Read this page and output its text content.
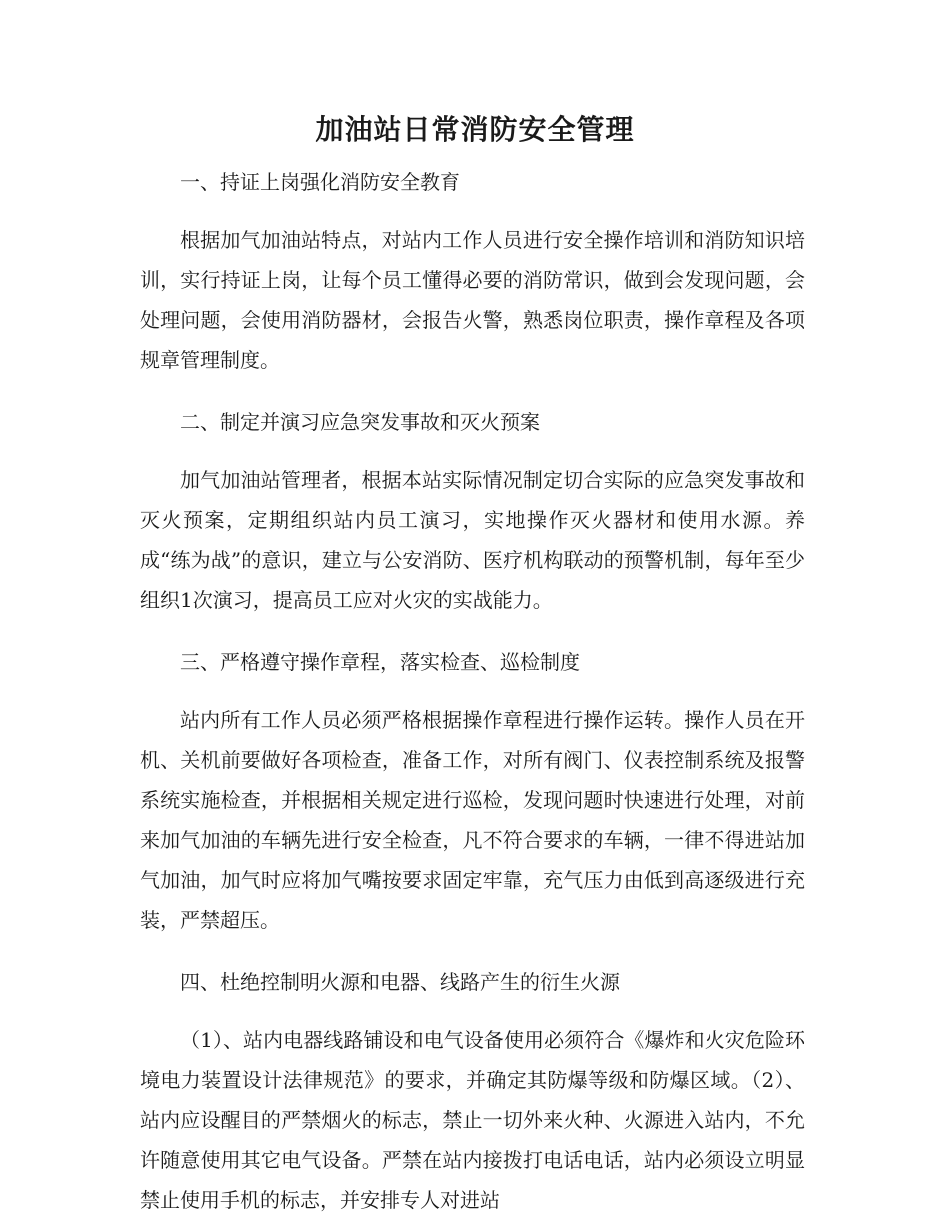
加油站日常消防安全管理
一、持证上岗强化消防安全教育

根据加气加油站特点，对站内工作人员进行安全操作培训和消防知识培训，实行持证上岗，让每个员工懂得必要的消防常识，做到会发现问题，会处理问题，会使用消防器材，会报告火警，熟悉岗位职责，操作章程及各项规章管理制度。

二、制定并演习应急突发事故和灭火预案

加气加油站管理者，根据本站实际情况制定切合实际的应急突发事故和灭火预案，定期组织站内员工演习，实地操作灭火器材和使用水源。养成“练为战”的意识，建立与公安消防、医疗机构联动的预警机制，每年至少组织1次演习，提高员工应对火灾的实战能力。

三、严格遵守操作章程，落实检查、巡检制度

站内所有工作人员必须严格根据操作章程进行操作运转。操作人员在开机、关机前要做好各项检查，准备工作，对所有阀门、仪表控制系统及报警系统实施检查，并根据相关规定进行巡检，发现问题时快速进行处理，对前来加气加油的车辆先进行安全检查，凡不符合要求的车辆，一律不得进站加气加油，加气时应将加气嘴按要求固定牢靠，充气压力由低到高逐级进行充装，严禁超压。

四、杜绝控制明火源和电器、线路产生的衍生火源

（1）、站内电器线路铺设和电气设备使用必须符合《爆炸和火灾危险环境电力装置设计法律规范》的要求，并确定其防爆等级和防爆区域。（2）、站内应设醒目的严禁烟火的标志，禁止一切外来火种、火源进入站内，不允许随意使用其它电气设备。严禁在站内接拨打电话电话，站内必须设立明显禁止使用手机的标志，并安排专人对进站
